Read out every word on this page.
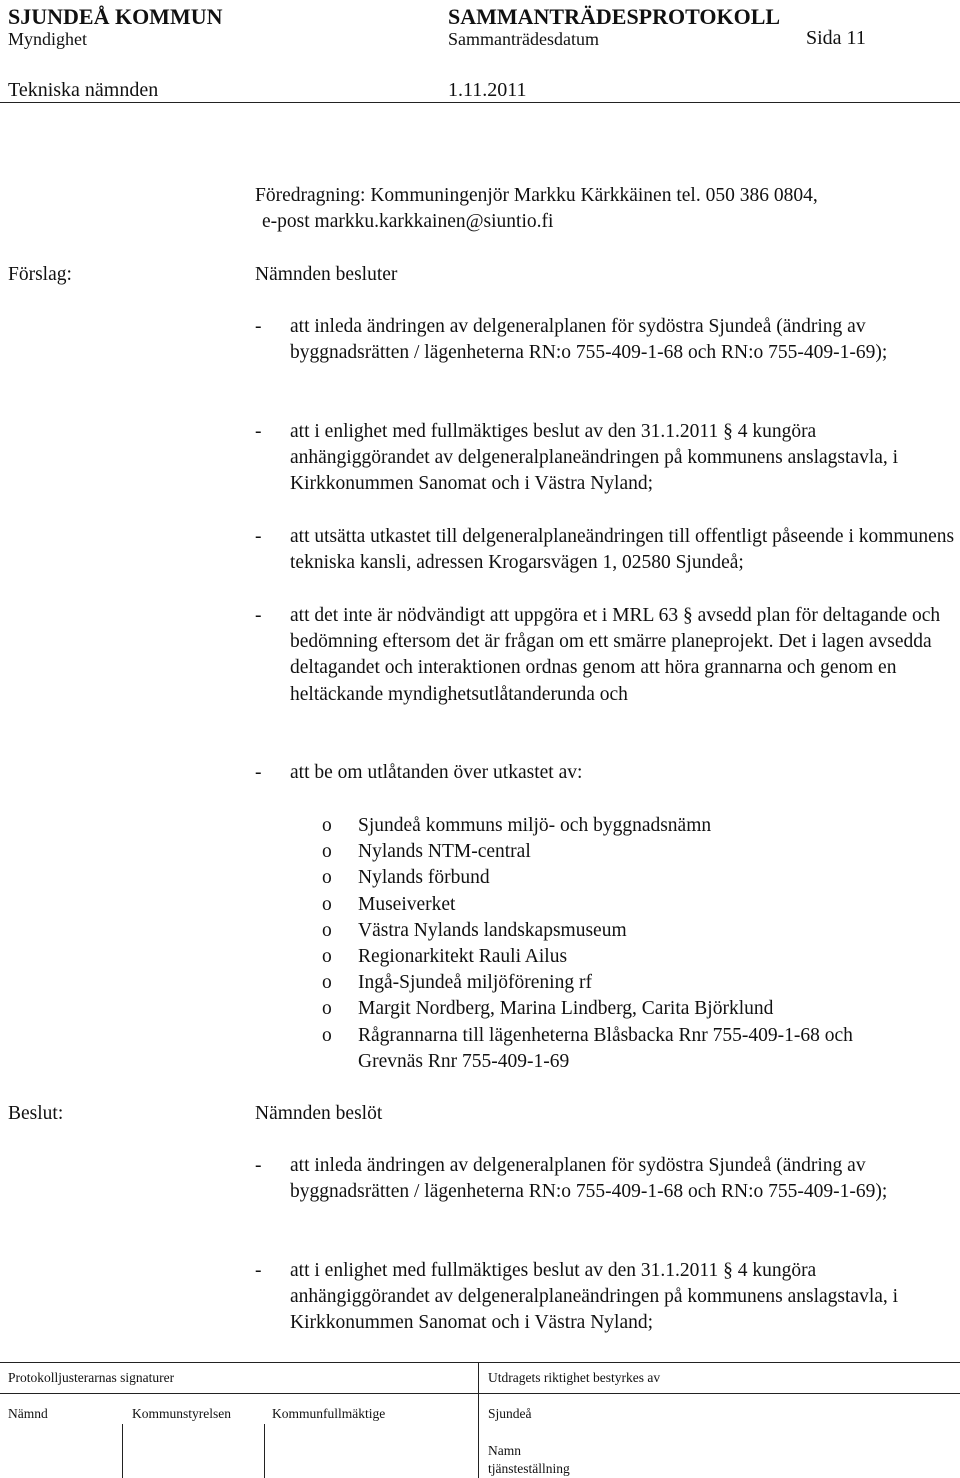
SJUNDEÅ KOMMUN	SAMMANTRÄDESPROTOKOLL
Myndighet	Sammanträdesdatum	Sida 11
Tekniska nämnden	1.11.2011
Föredragning: Kommuningenjör Markku Kärkkäinen tel. 050 386 0804,
e-post markku.karkkainen@siuntio.fi
Förslag:	Nämnden besluter
- att inleda ändringen av delgeneralplanen för sydöstra Sjundeå (ändring av byggnadsrätten / lägenheterna RN:o 755-409-1-68 och RN:o 755-409-1-69);
- att i enlighet med fullmäktiges beslut av den 31.1.2011 § 4 kungöra anhängiggörandet av delgeneralplaneändringen på kommunens anslagstavla, i Kirkkonummen Sanomat och i Västra Nyland;
- att utsätta utkastet till delgeneralplaneändringen till offentligt påseende i kommunens tekniska kansli, adressen Krogarsvägen 1, 02580 Sjundeå;
- att det inte är nödvändigt att uppgöra et i MRL 63 § avsedd plan för deltagande och bedömning eftersom det är frågan om ett smärre planeprojekt. Det i lagen avsedda deltagandet och interaktionen ordnas genom att höra grannarna och genom en heltäckande myndighetsutlåtanderunda och
- att be om utlåtanden över utkastet av:
o Sjundeå kommuns miljö- och byggnadsnämn
o Nylands NTM-central
o Nylands förbund
o Museiverket
o Västra Nylands landskapsmuseum
o Regionarkitekt Rauli Ailus
o Ingå-Sjundeå miljöförening rf
o Margit Nordberg, Marina Lindberg, Carita Björklund
o Rågrannarna till lägenheterna Blåsbacka Rnr 755-409-1-68 och
Grevnäs Rnr 755-409-1-69
Beslut:	Nämnden beslöt
- att inleda ändringen av delgeneralplanen för sydöstra Sjundeå (ändring av byggnadsrätten / lägenheterna RN:o 755-409-1-68 och RN:o 755-409-1-69);
- att i enlighet med fullmäktiges beslut av den 31.1.2011 § 4 kungöra anhängiggörandet av delgeneralplaneändringen på kommunens anslagstavla, i Kirkkonummen Sanomat och i Västra Nyland;
Protokolljusterarnas signaturer	Utdragets riktighet bestyrkes av
Nämnd	Kommunstyrelsen	Kommunfullmäktige	Sjundeå
Namn
tjänsteställning
